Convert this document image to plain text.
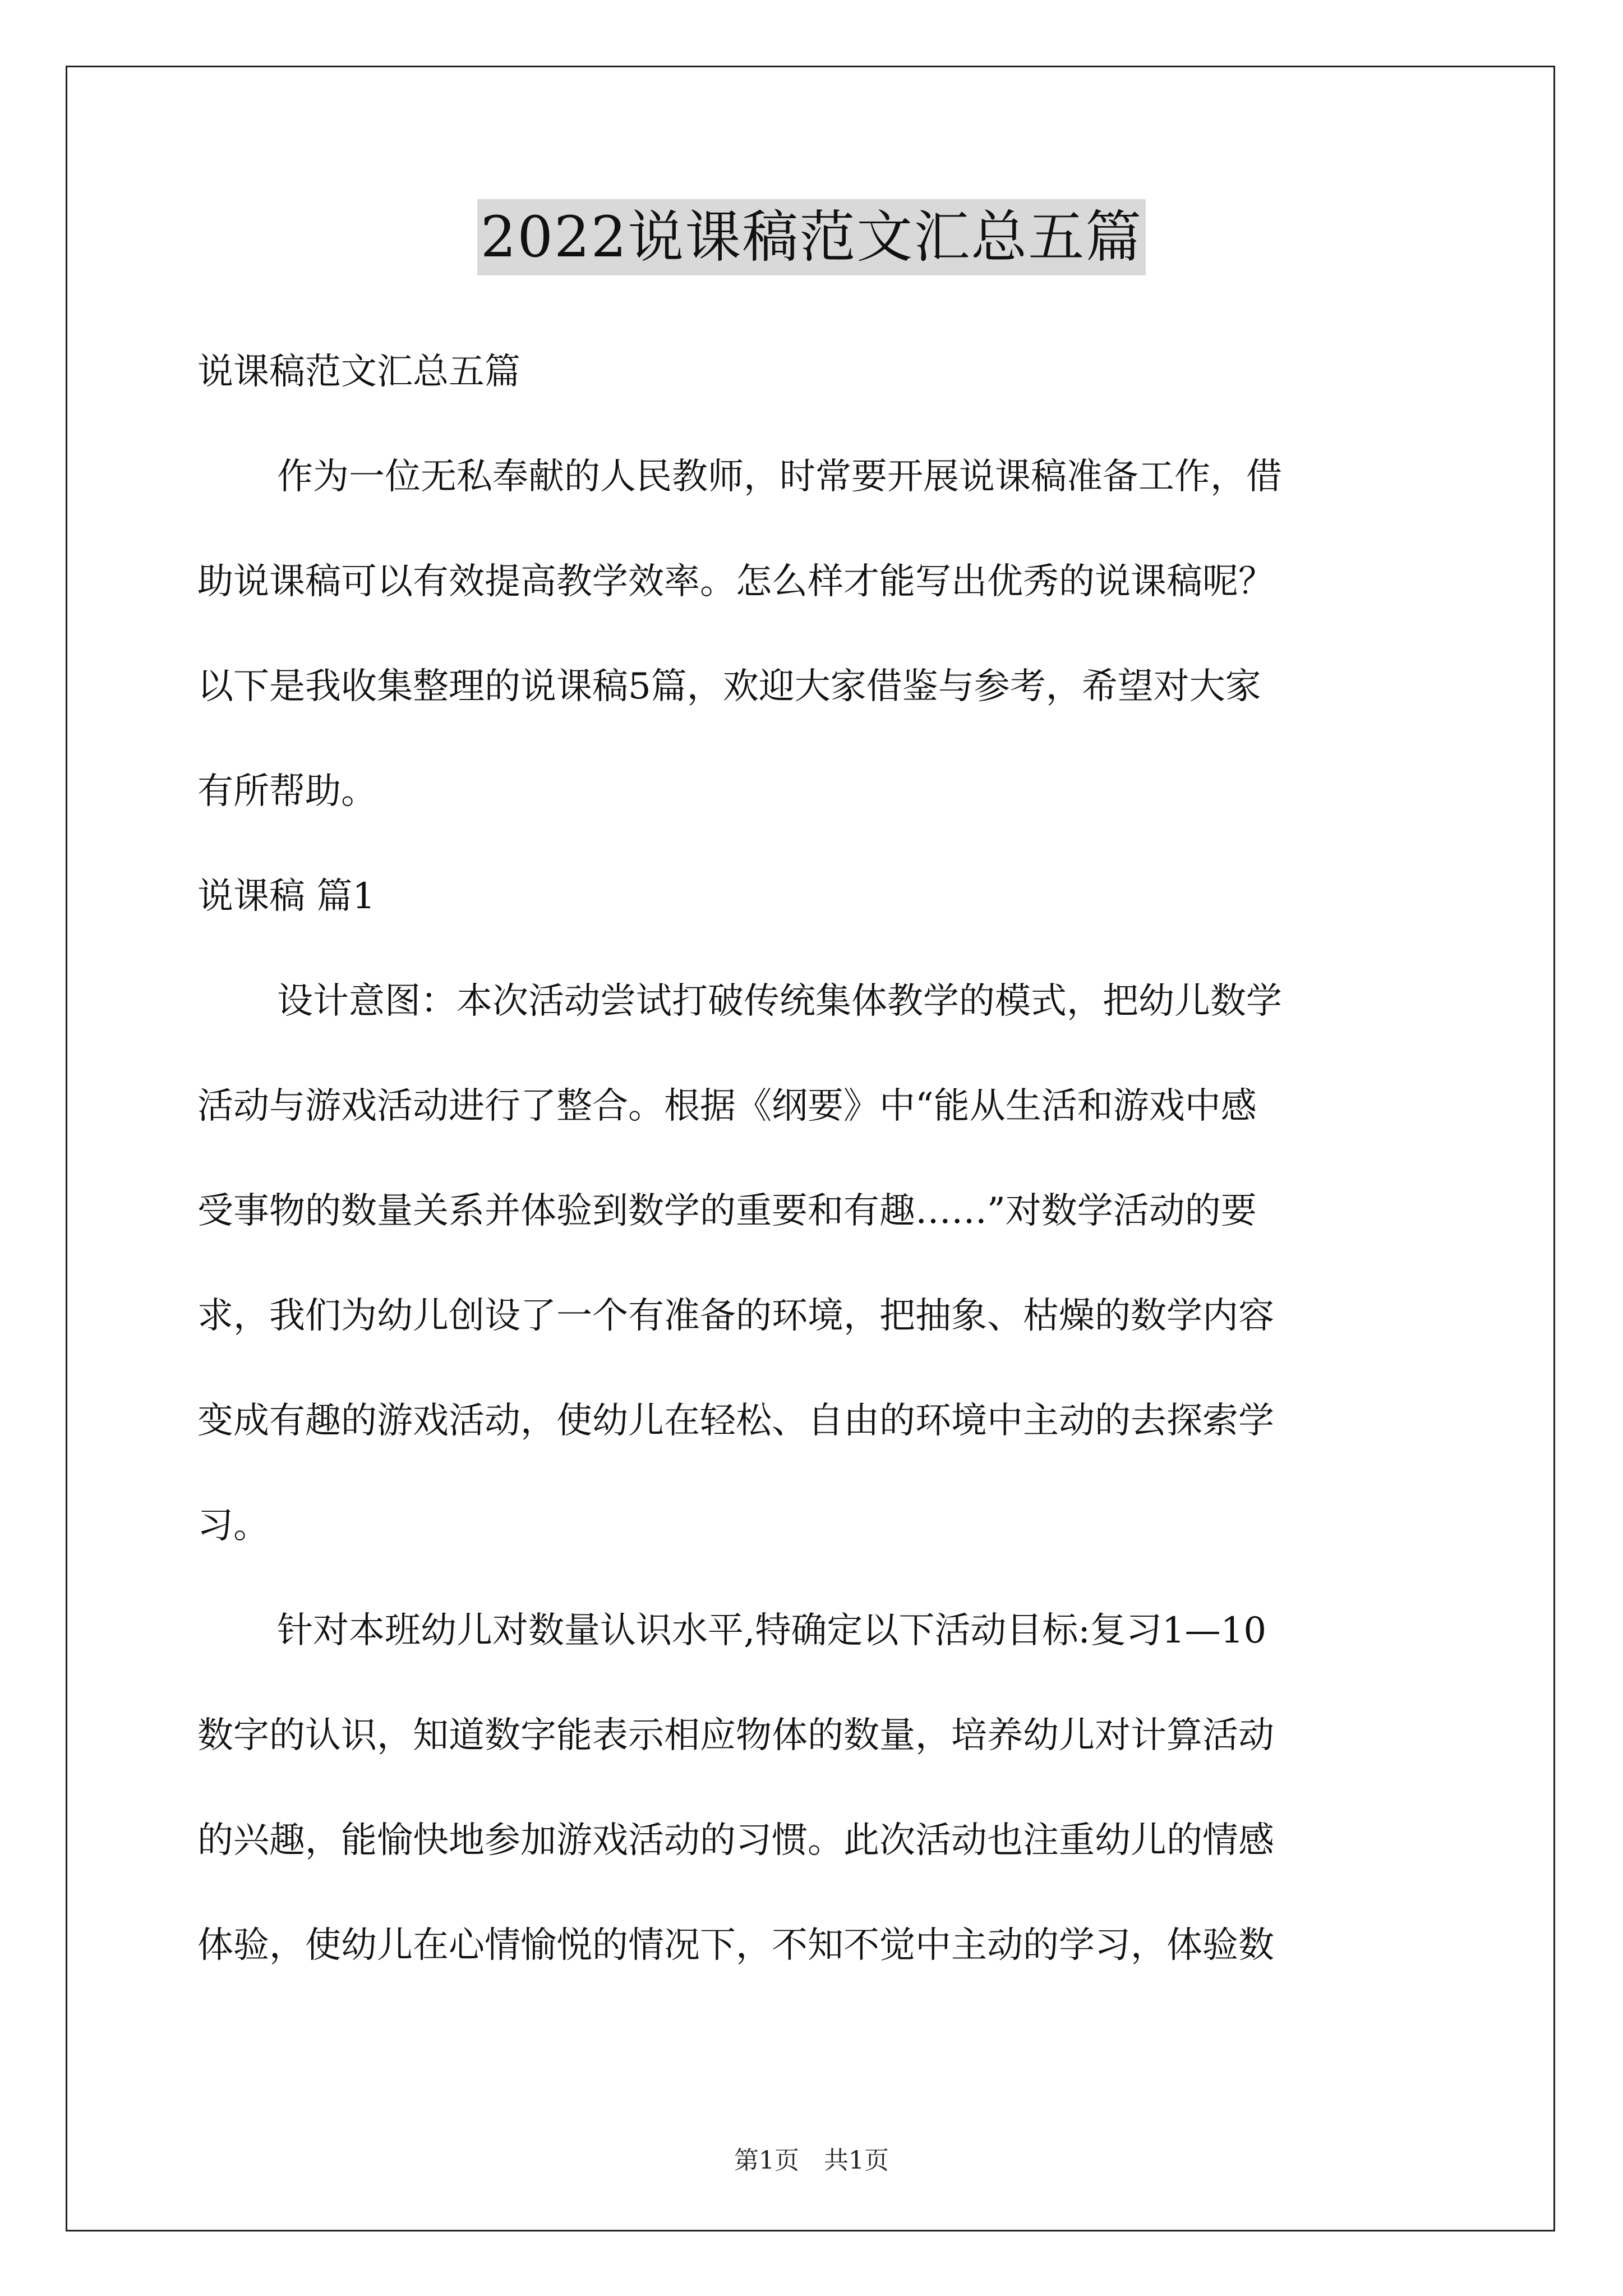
2022说课稿范文汇总五篇
说课稿范文汇总五篇
作为一位无私奉献的人民教师，时常要开展说课稿准备工作，借
助说课稿可以有效提高教学效率。怎么样才能写出优秀的说课稿呢？
以下是我收集整理的说课稿5篇，欢迎大家借鉴与参考，希望对大家
有所帮助。
说课稿 篇1
设计意图：本次活动尝试打破传统集体教学的模式，把幼儿数学
活动与游戏活动进行了整合。根据《纲要》中“能从生活和游戏中感
受事物的数量关系并体验到数学的重要和有趣……”对数学活动的要
求，我们为幼儿创设了一个有准备的环境，把抽象、枯燥的数学内容
变成有趣的游戏活动，使幼儿在轻松、自由的环境中主动的去探索学
习。
针对本班幼儿对数量认识水平,特确定以下活动目标:复习1—10
数字的认识，知道数字能表示相应物体的数量，培养幼儿对计算活动
的兴趣，能愉快地参加游戏活动的习惯。此次活动也注重幼儿的情感
体验，使幼儿在心情愉悦的情况下，不知不觉中主动的学习，体验数
第1页　共1页
